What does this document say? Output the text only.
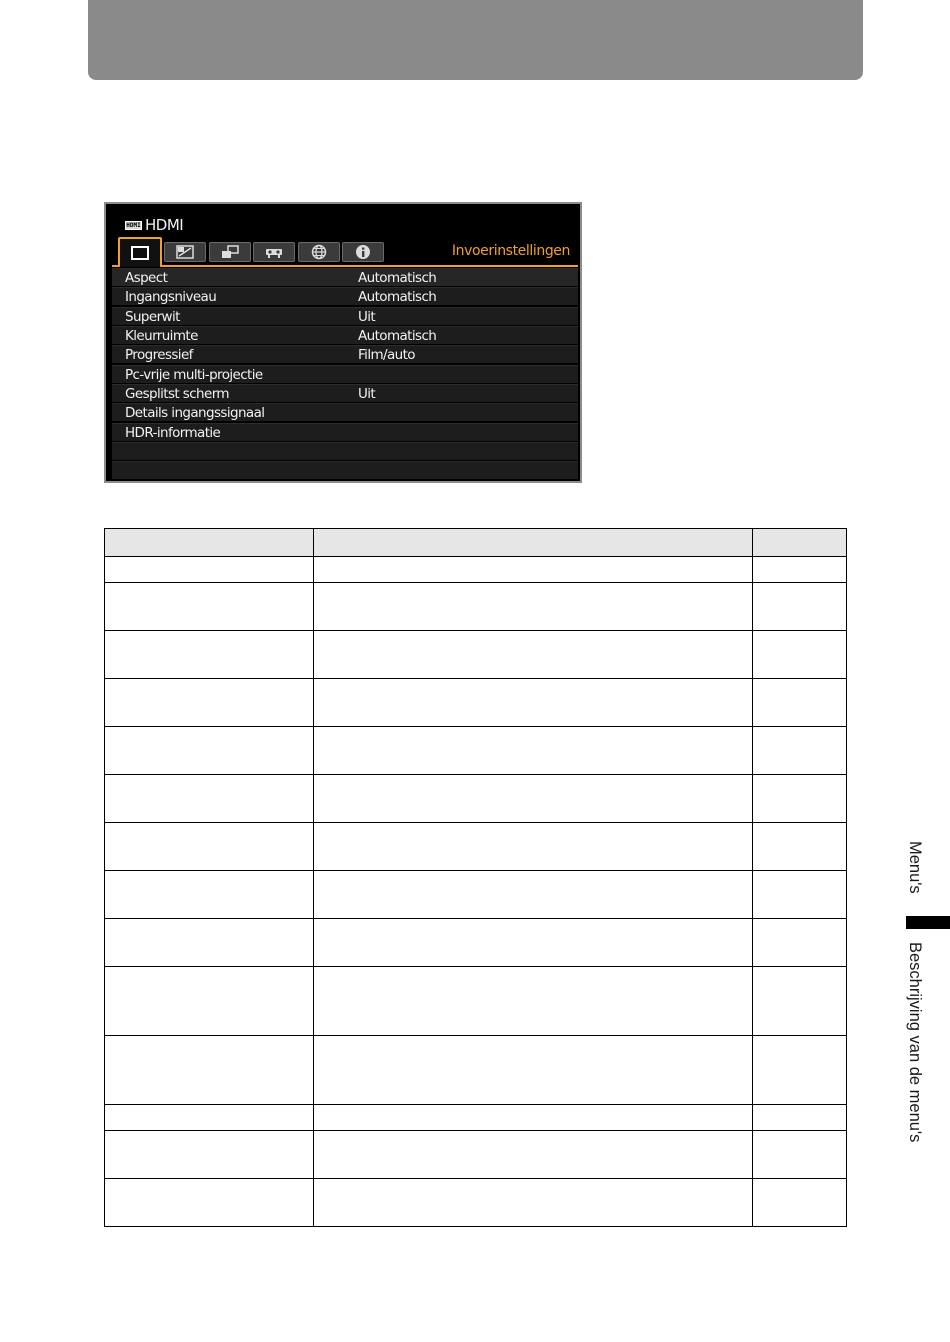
HDMI HDMI
Invoerinstellingen
Aspect	Automatisch
Ingangsniveau	Automatisch
Superwit	Uit
Kleurruimte	Automatisch
Progressief	Film/auto
Pc-vrije multi-projectie
Gesplitst scherm	Uit
Details ingangssignaal
HDR-informatie

Menu's
Beschrijving van de menu's
